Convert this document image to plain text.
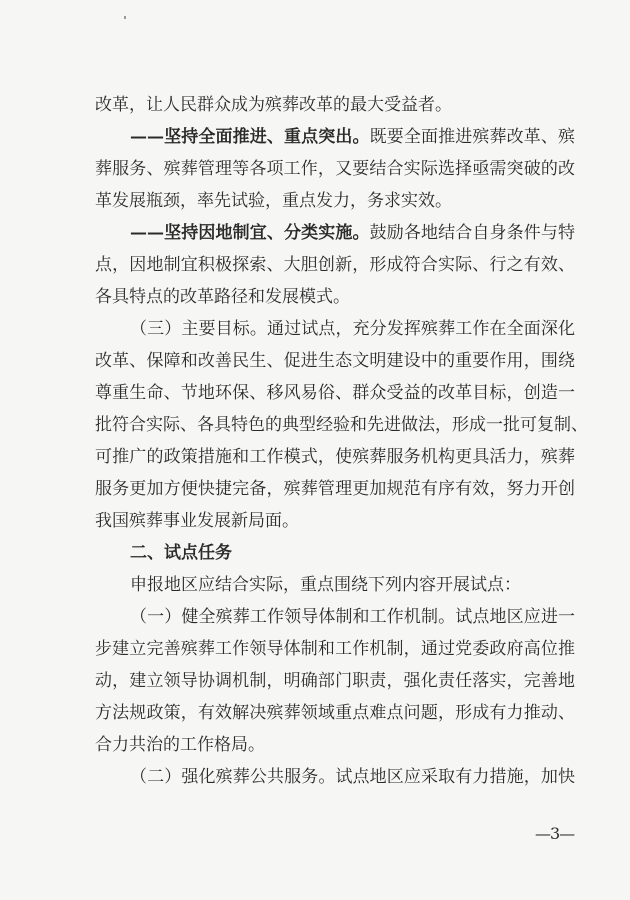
改革，让人民群众成为殡葬改革的最大受益者。
——坚持全面推进、重点突出。既要全面推进殡葬改革、殡
葬服务、殡葬管理等各项工作，又要结合实际选择亟需突破的改
革发展瓶颈，率先试验，重点发力，务求实效。
——坚持因地制宜、分类实施。鼓励各地结合自身条件与特
点，因地制宜积极探索、大胆创新，形成符合实际、行之有效、
各具特点的改革路径和发展模式。
（三）主要目标。通过试点，充分发挥殡葬工作在全面深化
改革、保障和改善民生、促进生态文明建设中的重要作用，围绕
尊重生命、节地环保、移风易俗、群众受益的改革目标，创造一
批符合实际、各具特色的典型经验和先进做法，形成一批可复制、
可推广的政策措施和工作模式，使殡葬服务机构更具活力，殡葬
服务更加方便快捷完备，殡葬管理更加规范有序有效，努力开创
我国殡葬事业发展新局面。
二、试点任务
申报地区应结合实际，重点围绕下列内容开展试点：
（一）健全殡葬工作领导体制和工作机制。试点地区应进一
步建立完善殡葬工作领导体制和工作机制，通过党委政府高位推
动，建立领导协调机制，明确部门职责，强化责任落实，完善地
方法规政策，有效解决殡葬领域重点难点问题，形成有力推动、
合力共治的工作格局。
（二）强化殡葬公共服务。试点地区应采取有力措施，加快
—3—
